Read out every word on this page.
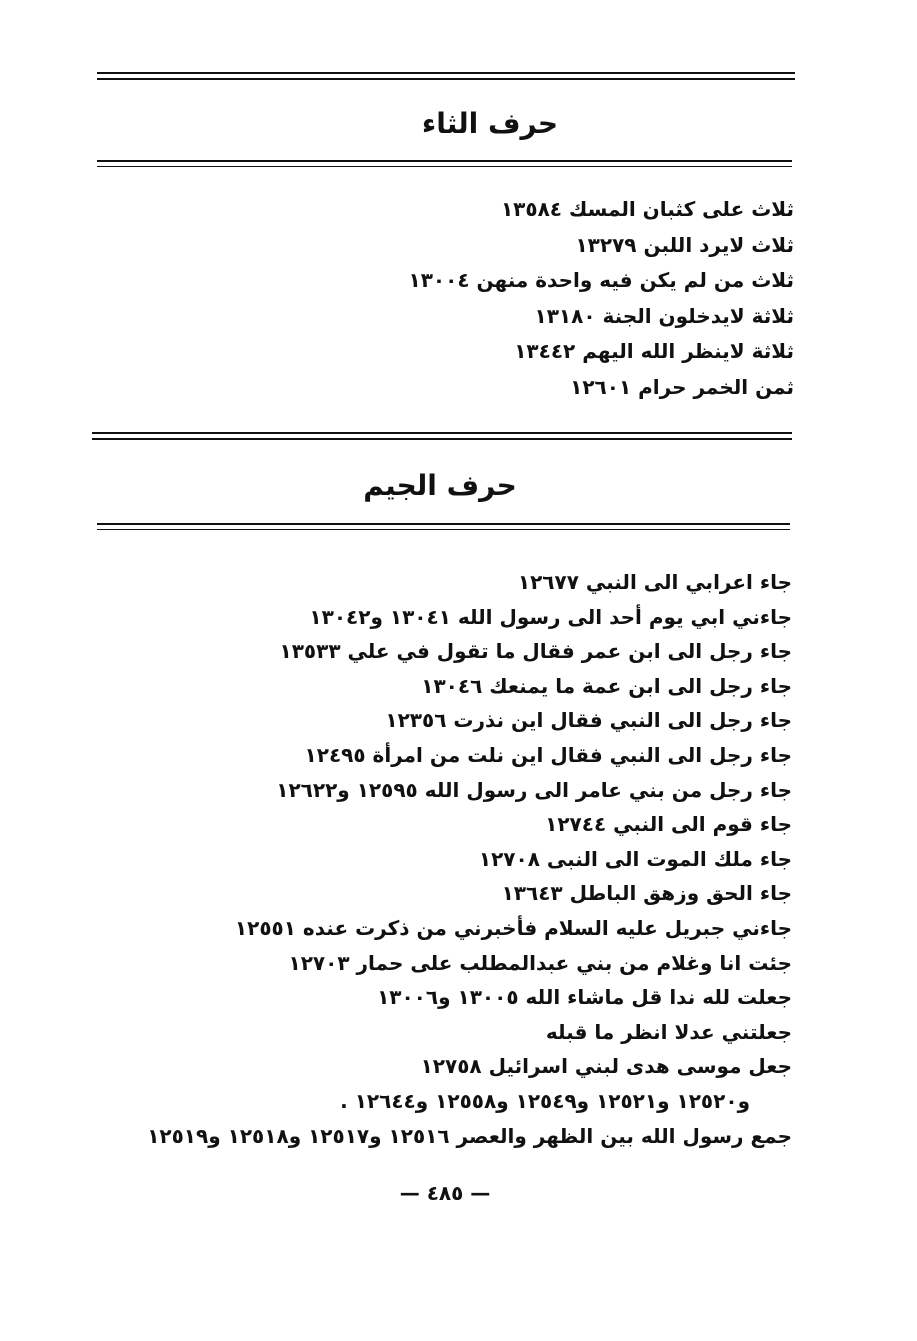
حرف الثاء
ثلاث على كثبان المسك ١٣٥٨٤
ثلاث لايرد اللبن ١٣٢٧٩
ثلاث من لم يكن فيه واحدة منهن ١٣٠٠٤
ثلاثة لايدخلون الجنة ١٣١٨٠
ثلاثة لاينظر الله اليهم ١٣٤٤٢
ثمن الخمر حرام ١٢٦٠١
حرف الجيم
جاء اعرابي الى النبي ١٢٦٧٧
جاءني ابي يوم أحد الى رسول الله ١٣٠٤١ و١٣٠٤٢
جاء رجل الى ابن عمر فقال ما تقول في علي ١٣٥٣٣
جاء رجل الى ابن عمة ما يمنعك ١٣٠٤٦
جاء رجل الى النبي فقال اين نذرت ١٢٣٥٦
جاء رجل الى النبي فقال اين نلت من امرأة ١٢٤٩٥
جاء رجل من بني عامر الى رسول الله ١٢٥٩٥ و١٢٦٢٢
جاء قوم الى النبي ١٢٧٤٤
جاء ملك الموت الى النبى ١٢٧٠٨
جاء الحق وزهق الباطل ١٣٦٤٣
جاءني جبريل عليه السلام فأخبرني من ذكرت عنده ١٢٥٥١
جئت انا وغلام من بني عبدالمطلب على حمار ١٢٧٠٣
جعلت لله ندا قل ماشاء الله ١٣٠٠٥ و١٣٠٠٦
جعلتني عدلا انظر ما قبله
جعل موسى هدى لبني اسرائيل ١٢٧٥٨
و١٢٥٢٠ و١٢٥٢١ و١٢٥٤٩ و١٢٥٥٨ و١٢٦٤٤ .
جمع رسول الله بين الظهر والعصر ١٢٥١٦ و١٢٥١٧ و١٢٥١٨ و١٢٥١٩
— ٤٨٥ —
